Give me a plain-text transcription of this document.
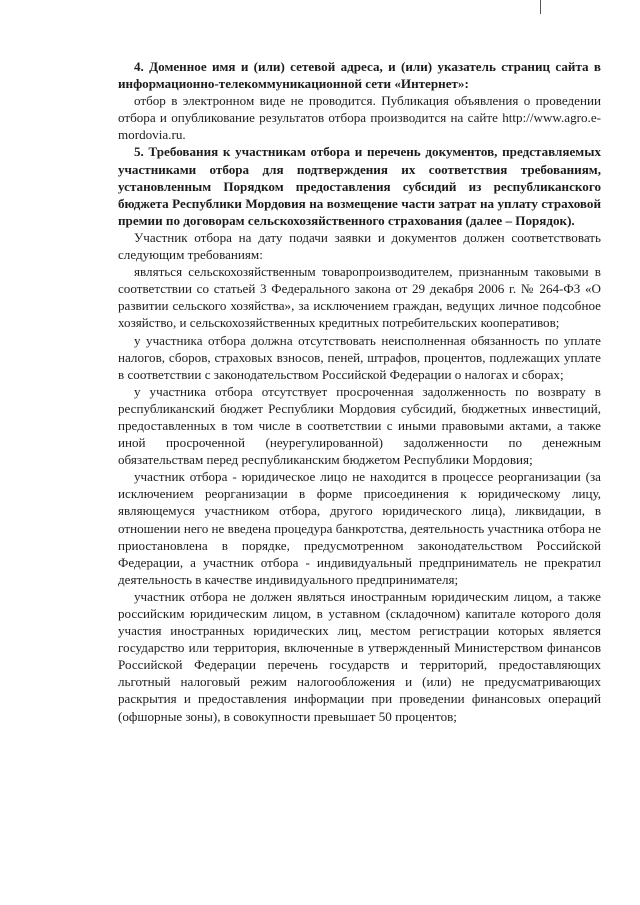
4. Доменное имя и (или) сетевой адреса, и (или) указатель страниц сайта в информационно-телекоммуникационной сети «Интернет»:

отбор в электронном виде не проводится. Публикация объявления о проведении отбора и опубликование результатов отбора производится на сайте http://www.agro.e-mordovia.ru.

5. Требования к участникам отбора и перечень документов, представляемых участниками отбора для подтверждения их соответствия требованиям, установленным Порядком предоставления субсидий из республиканского бюджета Республики Мордовия на возмещение части затрат на уплату страховой премии по договорам сельскохозяйственного страхования (далее – Порядок).

Участник отбора на дату подачи заявки и документов должен соответствовать следующим требованиям:

являться сельскохозяйственным товаропроизводителем, признанным таковыми в соответствии со статьей 3 Федерального закона от 29 декабря 2006 г. № 264-ФЗ «О развитии сельского хозяйства», за исключением граждан, ведущих личное подсобное хозяйство, и сельскохозяйственных кредитных потребительских кооперативов;

у участника отбора должна отсутствовать неисполненная обязанность по уплате налогов, сборов, страховых взносов, пеней, штрафов, процентов, подлежащих уплате в соответствии с законодательством Российской Федерации о налогах и сборах;

у участника отбора отсутствует просроченная задолженность по возврату в республиканский бюджет Республики Мордовия субсидий, бюджетных инвестиций, предоставленных в том числе в соответствии с иными правовыми актами, а также иной просроченной (неурегулированной) задолженности по денежным обязательствам перед республиканским бюджетом Республики Мордовия;

участник отбора - юридическое лицо не находится в процессе реорганизации (за исключением реорганизации в форме присоединения к юридическому лицу, являющемуся участником отбора, другого юридического лица), ликвидации, в отношении него не введена процедура банкротства, деятельность участника отбора не приостановлена в порядке, предусмотренном законодательством Российской Федерации, а участник отбора - индивидуальный предприниматель не прекратил деятельность в качестве индивидуального предпринимателя;

участник отбора не должен являться иностранным юридическим лицом, а также российским юридическим лицом, в уставном (складочном) капитале которого доля участия иностранных юридических лиц, местом регистрации которых является государство или территория, включенные в утвержденный Министерством финансов Российской Федерации перечень государств и территорий, предоставляющих льготный налоговый режим налогообложения и (или) не предусматривающих раскрытия и предоставления информации при проведении финансовых операций (офшорные зоны), в совокупности превышает 50 процентов;
